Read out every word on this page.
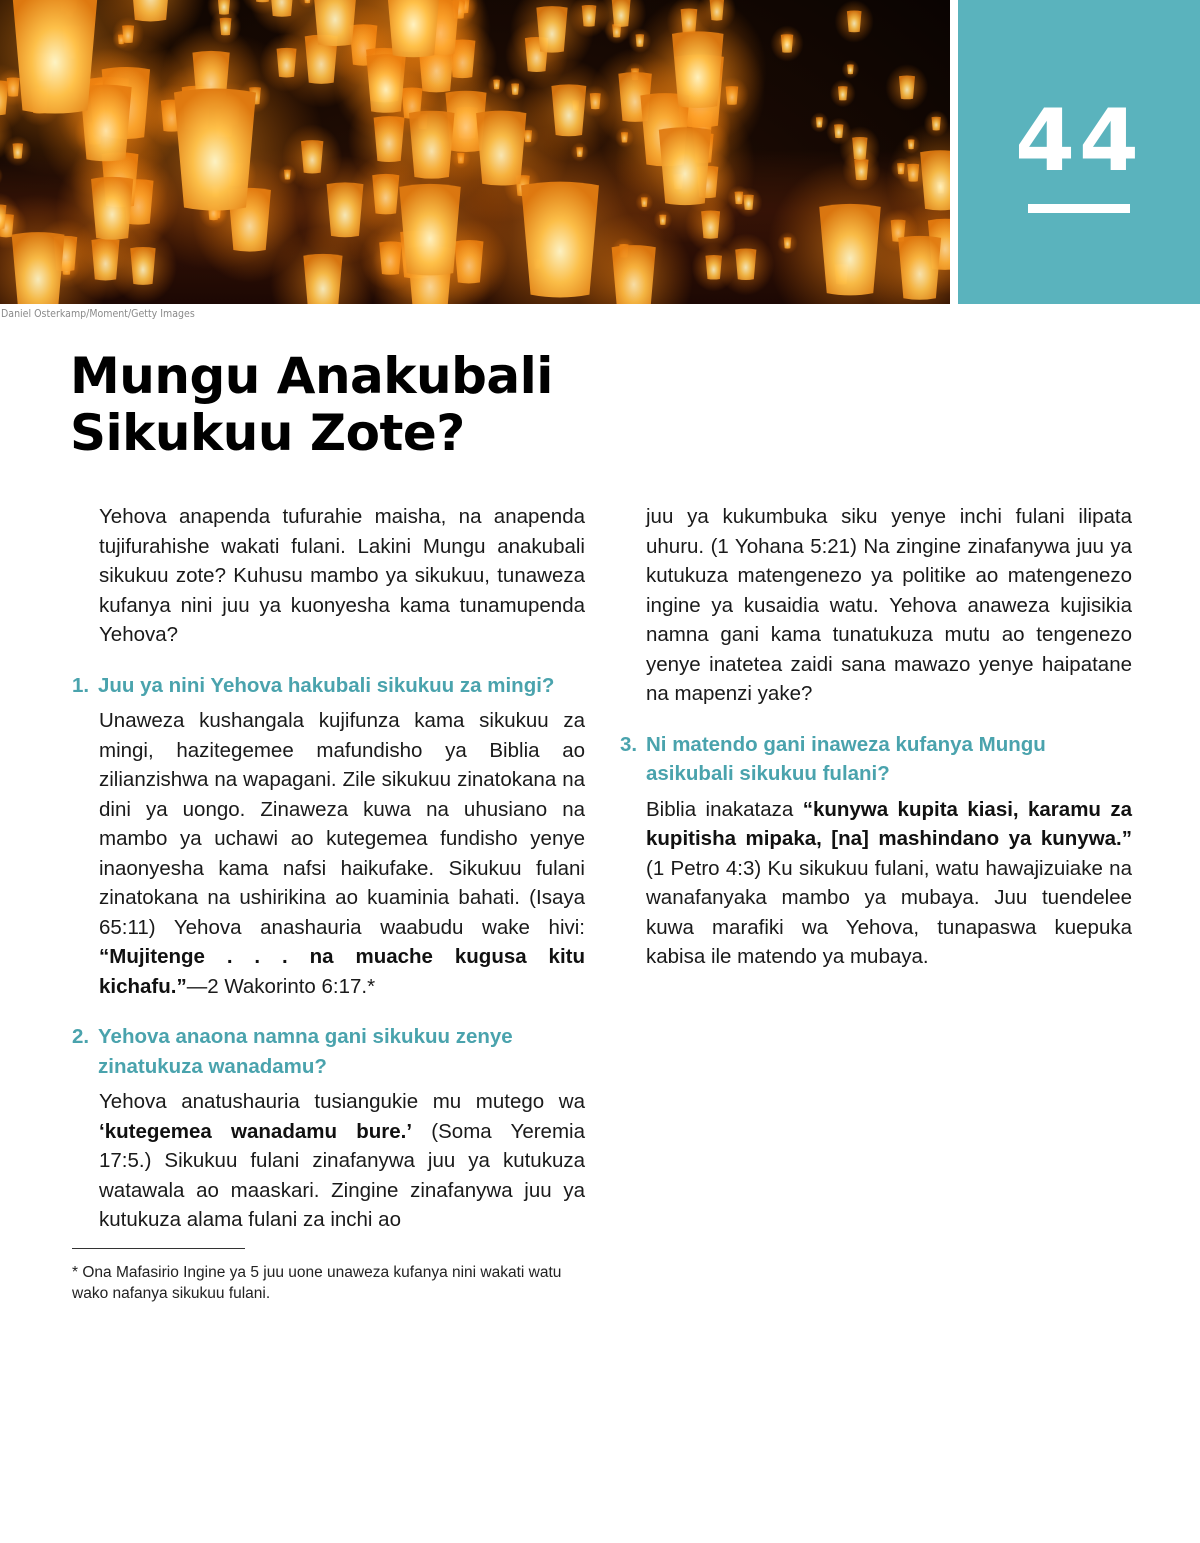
44
Daniel Osterkamp/Moment/Getty Images
Mungu Anakubali
Sikukuu Zote?

Yehova anapenda tufurahie maisha, na anapenda tujifurahishe wakati fulani. Lakini Mungu anakubali sikukuu zote? Kuhusu mambo ya sikukuu, tunaweza kufanya nini juu ya kuonyesha kama tunamupenda Yehova?

1. Juu ya nini Yehova hakubali sikukuu za mingi?

Unaweza kushangala kujifunza kama sikukuu za mingi, hazitegemee mafundisho ya Biblia ao zilianzishwa na wapagani. Zile sikukuu zinatokana na dini ya uongo. Zinaweza kuwa na uhusiano na mambo ya uchawi ao kutegemea fundisho yenye inaonyesha kama nafsi haikufake. Sikukuu fulani zinatokana na ushirikina ao kuaminia bahati. (Isaya 65:11) Yehova anashauria waabudu wake hivi: “Mujitenge . . . na muache kugusa kitu kichafu.”—2 Wakorinto 6:17.*

2. Yehova anaona namna gani sikukuu zenye zinatukuza wanadamu?

Yehova anatushauria tusiangukie mu mutego wa ‘kutegemea wanadamu bure.’ (Soma Yeremia 17:5.) Sikukuu fulani zinafanywa juu ya kutukuza watawala ao maaskari. Zingine zinafanywa juu ya kutukuza alama fulani za inchi ao

juu ya kukumbuka siku yenye inchi fulani ilipata uhuru. (1 Yohana 5:21) Na zingine zinafanywa juu ya kutukuza matengenezo ya politike ao matengenezo ingine ya kusaidia watu. Yehova anaweza kujisikia namna gani kama tunatukuza mutu ao tengenezo yenye inatetea zaidi sana mawazo yenye haipatane na mapenzi yake?

3. Ni matendo gani inaweza kufanya Mungu asikubali sikukuu fulani?

Biblia inakataza “kunywa kupita kiasi, karamu za kupitisha mipaka, [na] mashindano ya kunywa.” (1 Petro 4:3) Ku sikukuu fulani, watu hawajizuiake na wanafanyaka mambo ya mubaya. Juu tuendelee kuwa marafiki wa Yehova, tunapaswa kuepuka kabisa ile matendo ya mubaya.

* Ona Mafasirio Ingine ya 5 juu uone unaweza kufanya nini wakati watu wako nafanya sikukuu fulani.
